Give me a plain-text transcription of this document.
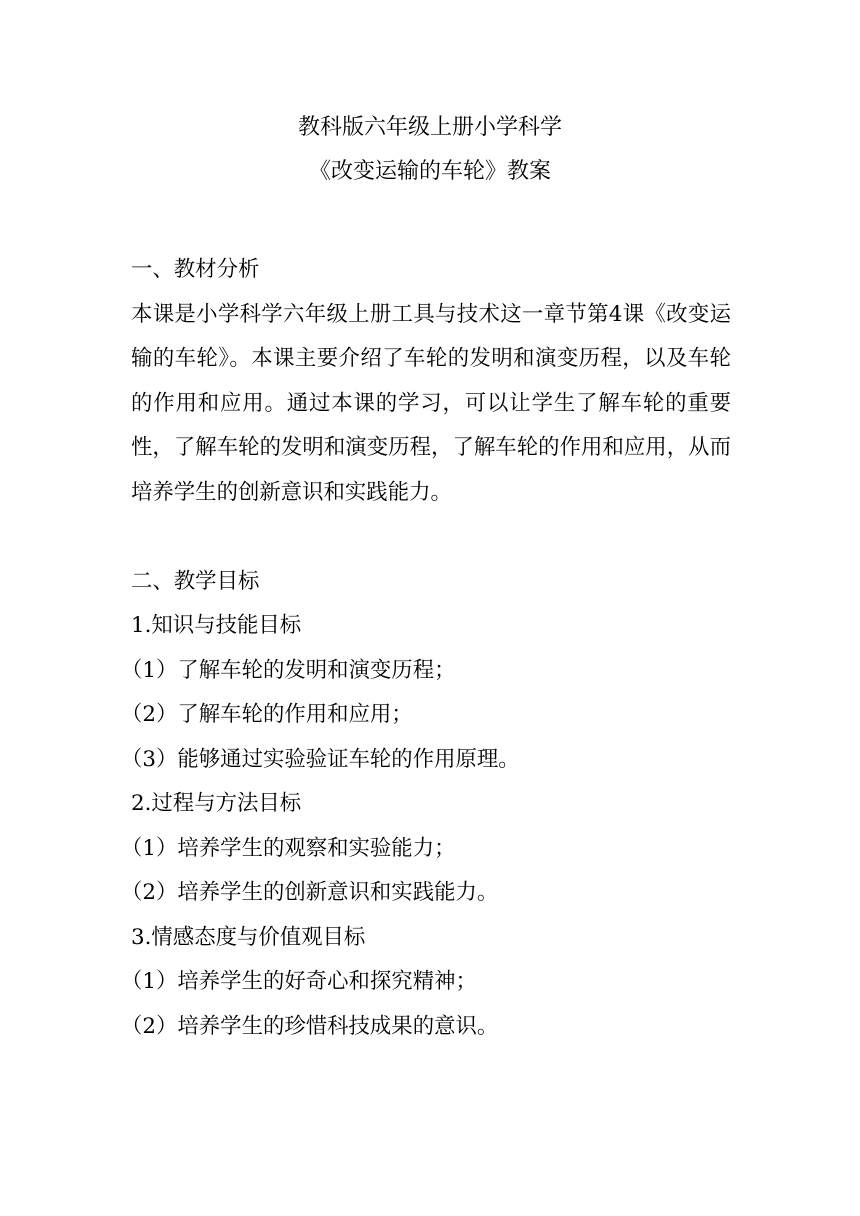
教科版六年级上册小学科学
《改变运输的车轮》教案
一、教材分析
本课是小学科学六年级上册工具与技术这一章节第4课《改变运输的车轮》。本课主要介绍了车轮的发明和演变历程，以及车轮的作用和应用。通过本课的学习，可以让学生了解车轮的重要性，了解车轮的发明和演变历程，了解车轮的作用和应用，从而培养学生的创新意识和实践能力。
二、教学目标
1.知识与技能目标
（1）了解车轮的发明和演变历程；
（2）了解车轮的作用和应用；
（3）能够通过实验验证车轮的作用原理。
2.过程与方法目标
（1）培养学生的观察和实验能力；
（2）培养学生的创新意识和实践能力。
3.情感态度与价值观目标
（1）培养学生的好奇心和探究精神；
（2）培养学生的珍惜科技成果的意识。
